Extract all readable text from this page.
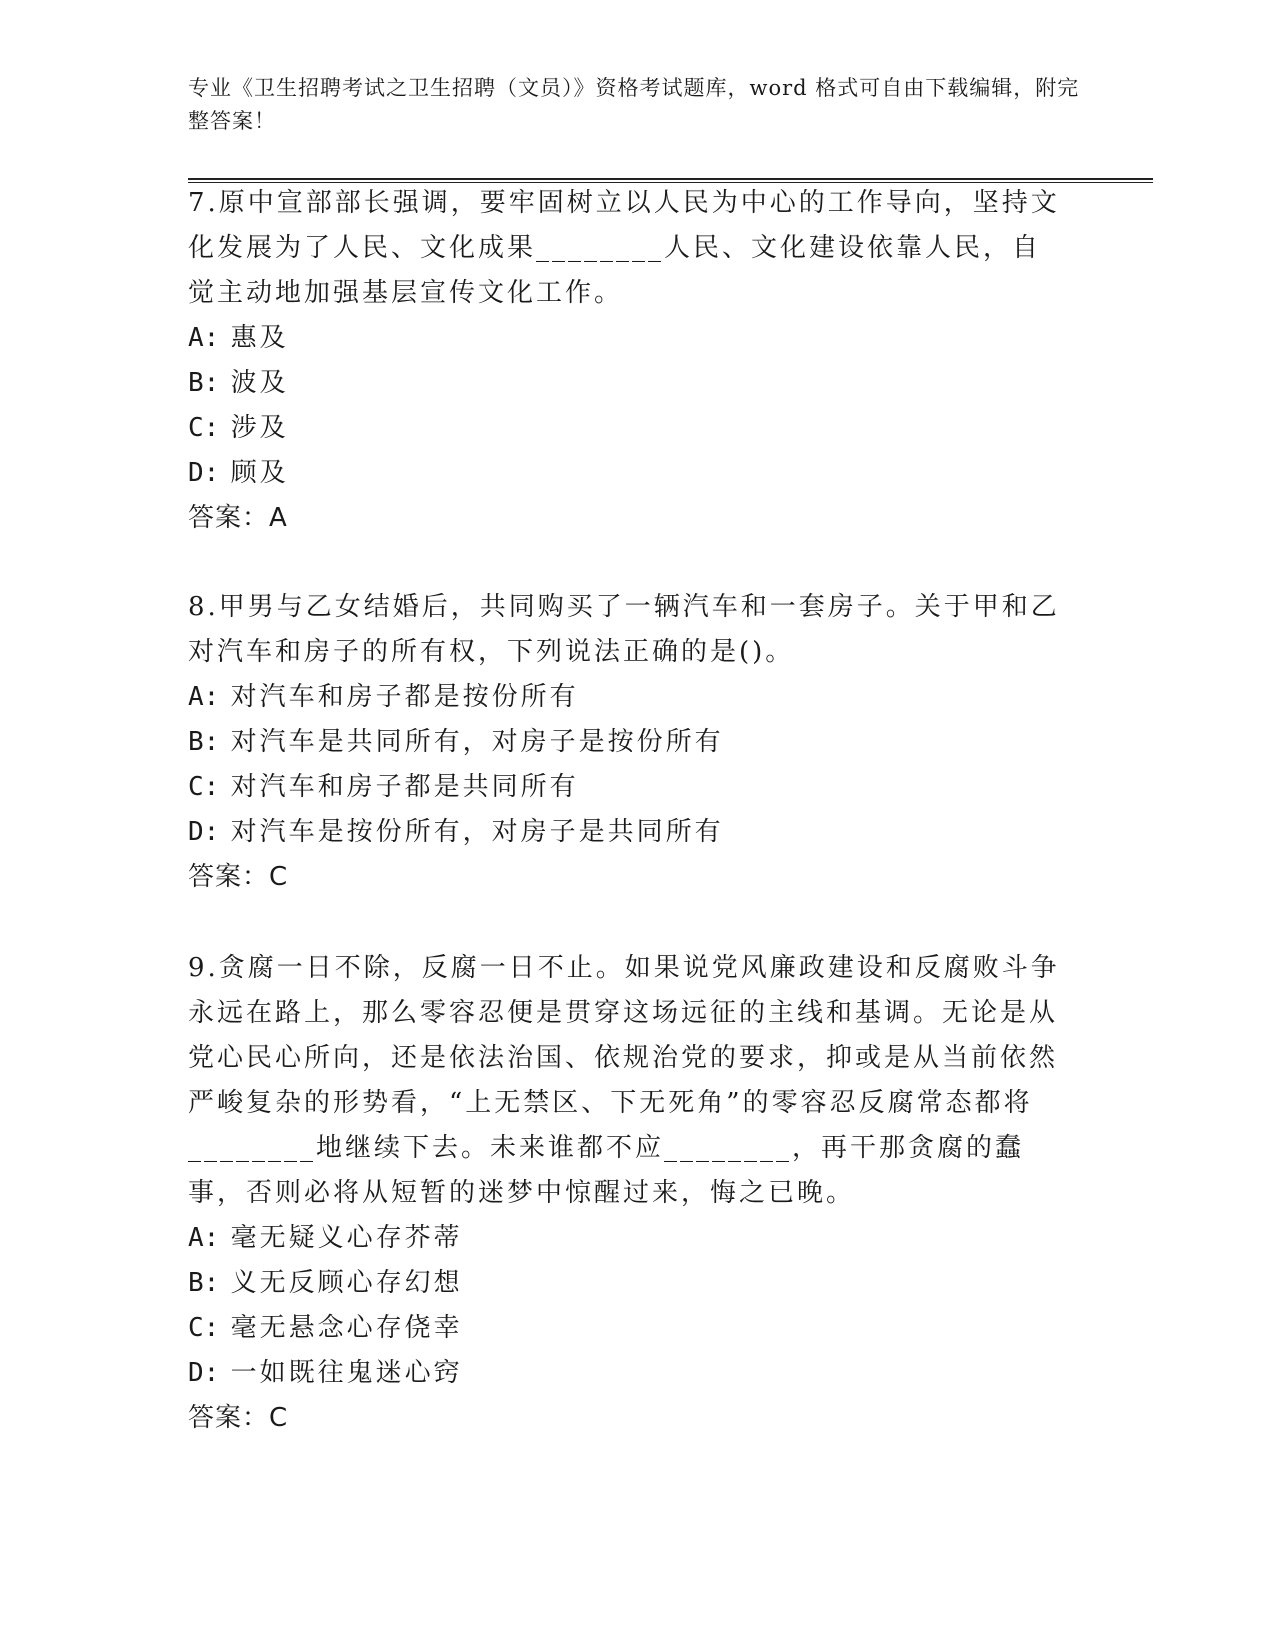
专业《卫生招聘考试之卫生招聘（文员）》资格考试题库，word 格式可自由下载编辑，附完整答案！

7.原中宣部部长强调，要牢固树立以人民为中心的工作导向，坚持文化发展为了人民、文化成果________人民、文化建设依靠人民，自觉主动地加强基层宣传文化工作。

A: 惠及

B: 波及

C: 涉及

D: 顾及

答案：A

8.甲男与乙女结婚后，共同购买了一辆汽车和一套房子。关于甲和乙对汽车和房子的所有权，下列说法正确的是()。

A: 对汽车和房子都是按份所有

B: 对汽车是共同所有，对房子是按份所有

C: 对汽车和房子都是共同所有

D: 对汽车是按份所有，对房子是共同所有

答案：C

9.贪腐一日不除，反腐一日不止。如果说党风廉政建设和反腐败斗争永远在路上，那么零容忍便是贯穿这场远征的主线和基调。无论是从党心民心所向，还是依法治国、依规治党的要求，抑或是从当前依然严峻复杂的形势看，“上无禁区、下无死角”的零容忍反腐常态都将________地继续下去。未来谁都不应________，再干那贪腐的蠢事，否则必将从短暂的迷梦中惊醒过来，悔之已晚。

A: 毫无疑义心存芥蒂

B: 义无反顾心存幻想

C: 毫无悬念心存侥幸

D: 一如既往鬼迷心窍

答案：C
